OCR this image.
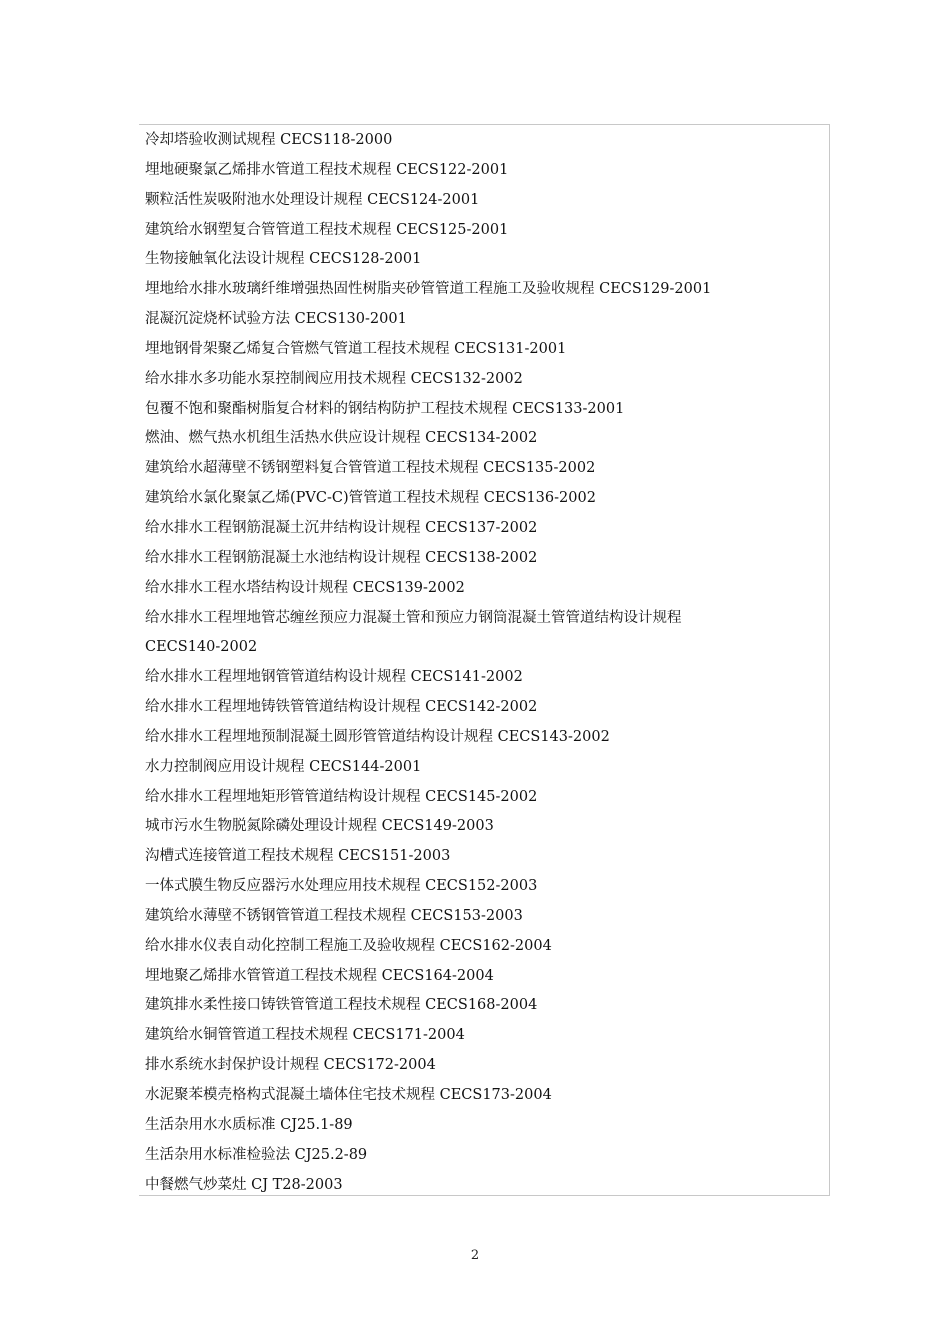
冷却塔验收测试规程 CECS118-2000
埋地硬聚氯乙烯排水管道工程技术规程 CECS122-2001
颗粒活性炭吸附池水处理设计规程 CECS124-2001
建筑给水钢塑复合管管道工程技术规程 CECS125-2001
生物接触氧化法设计规程 CECS128-2001
埋地给水排水玻璃纤维增强热固性树脂夹砂管管道工程施工及验收规程 CECS129-2001
混凝沉淀烧杯试验方法 CECS130-2001
埋地钢骨架聚乙烯复合管燃气管道工程技术规程 CECS131-2001
给水排水多功能水泵控制阀应用技术规程 CECS132-2002
包覆不饱和聚酯树脂复合材料的钢结构防护工程技术规程 CECS133-2001
燃油、燃气热水机组生活热水供应设计规程 CECS134-2002
建筑给水超薄壁不锈钢塑料复合管管道工程技术规程 CECS135-2002
建筑给水氯化聚氯乙烯(PVC-C)管管道工程技术规程 CECS136-2002
给水排水工程钢筋混凝土沉井结构设计规程 CECS137-2002
给水排水工程钢筋混凝土水池结构设计规程 CECS138-2002
给水排水工程水塔结构设计规程 CECS139-2002
给水排水工程埋地管芯缠丝预应力混凝土管和预应力钢筒混凝土管管道结构设计规程
CECS140-2002
给水排水工程埋地钢管管道结构设计规程 CECS141-2002
给水排水工程埋地铸铁管管道结构设计规程 CECS142-2002
给水排水工程埋地预制混凝土圆形管管道结构设计规程 CECS143-2002
水力控制阀应用设计规程 CECS144-2001
给水排水工程埋地矩形管管道结构设计规程 CECS145-2002
城市污水生物脱氮除磷处理设计规程 CECS149-2003
沟槽式连接管道工程技术规程 CECS151-2003
一体式膜生物反应器污水处理应用技术规程 CECS152-2003
建筑给水薄壁不锈钢管管道工程技术规程 CECS153-2003
给水排水仪表自动化控制工程施工及验收规程 CECS162-2004
埋地聚乙烯排水管管道工程技术规程 CECS164-2004
建筑排水柔性接口铸铁管管道工程技术规程 CECS168-2004
建筑给水铜管管道工程技术规程 CECS171-2004
排水系统水封保护设计规程 CECS172-2004
水泥聚苯模壳格构式混凝土墙体住宅技术规程 CECS173-2004
生活杂用水水质标准 CJ25.1-89
生活杂用水标准检验法 CJ25.2-89
中餐燃气炒菜灶 CJ T28-2003
2
